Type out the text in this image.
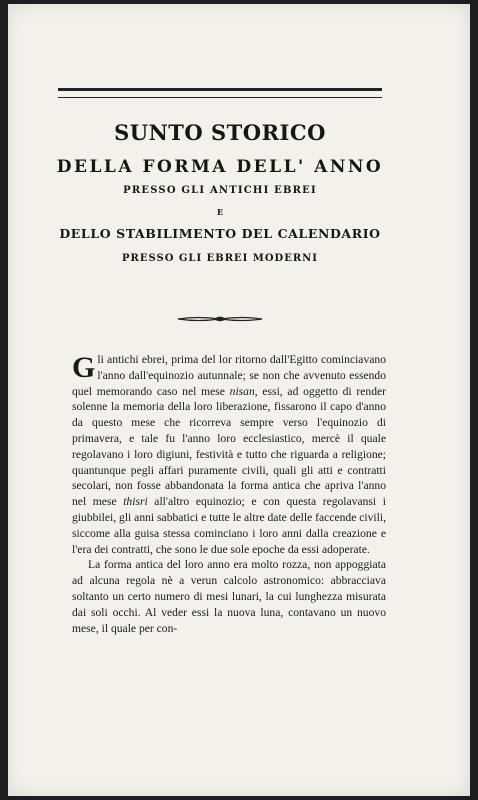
SUNTO STORICO
DELLA FORMA DELL' ANNO
PRESSO GLI ANTICHI EBREI
E
DELLO STABILIMENTO DEL CALENDARIO
PRESSO GLI EBREI MODERNI

Gli antichi ebrei, prima del lor ritorno dall'Egitto cominciavano l'anno dall'equinozio autunnale; se non che avvenuto essendo quel memorando caso nel mese nisan, essi, ad oggetto di render solenne la memoria della loro liberazione, fissarono il capo d'anno da questo mese che ricorreva sempre verso l'equinozio di primavera, e tale fu l'anno loro ecclesiastico, mercè il quale regolavano i loro digiuni, festività e tutto che riguarda a religione; quantunque pegli affari puramente civili, quali gli atti e contratti secolari, non fosse abbandonata la forma antica che apriva l'anno nel mese thisri all'altro equinozio; e con questa regolavansi i giubbilei, gli anni sabbatici e tutte le altre date delle faccende civili, siccome alla guisa stessa cominciano i loro anni dalla creazione e l'era dei contratti, che sono le due sole epoche da essi adoperate.

La forma antica del loro anno era molto rozza, non appoggiata ad alcuna regola nè a verun calcolo astronomico: abbracciava soltanto un certo numero di mesi lunari, la cui lunghezza misurata dai soli occhi. Al veder essi la nuova luna, contavano un nuovo mese, il quale per con-
